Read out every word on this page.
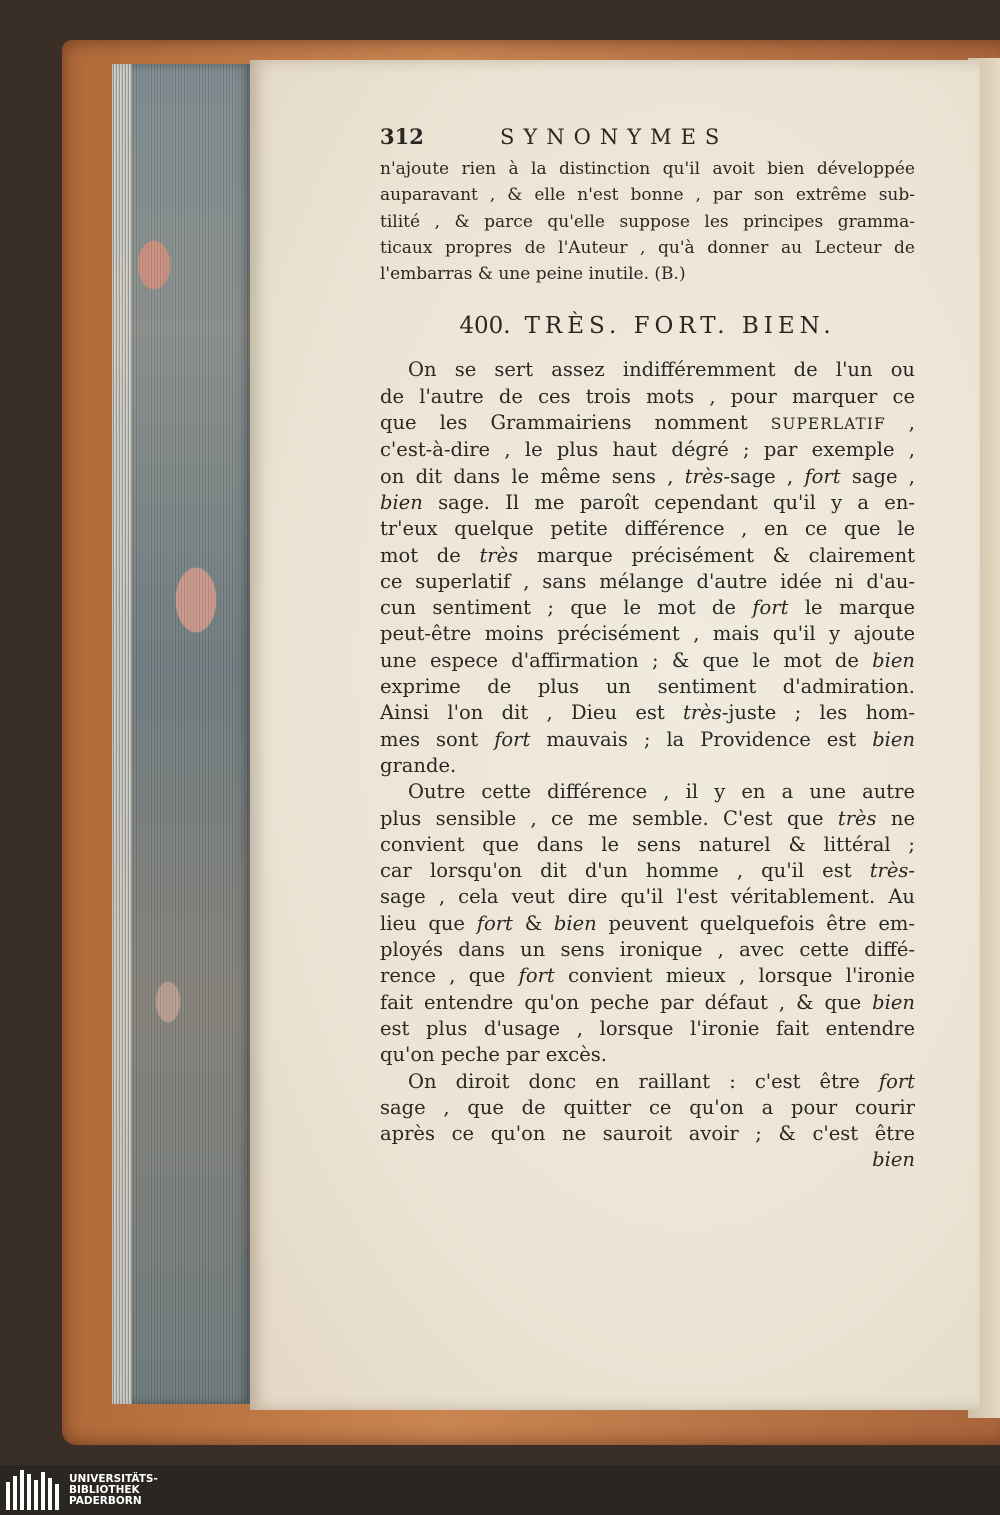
312	SYNONYMES
n'ajoute rien à la distinction qu'il avoit bien développée
auparavant , & elle n'est bonne , par son extrême sub-
tilité , & parce qu'elle suppose les principes gramma-
ticaux propres de l'Auteur , qu'à donner au Lecteur de
l'embarras & une peine inutile. (B.)
400. TRÈS. FORT. BIEN.
On se sert assez indifféremment de l'un ou
de l'autre de ces trois mots , pour marquer ce
que les Grammairiens nomment SUPERLATIF ,
c'est-à-dire , le plus haut dégré ; par exemple ,
on dit dans le même sens , très-sage , fort sage ,
bien sage. Il me paroît cependant qu'il y a en-
tr'eux quelque petite différence , en ce que le
mot de très marque précisément & clairement
ce superlatif , sans mélange d'autre idée ni d'au-
cun sentiment ; que le mot de fort le marque
peut-être moins précisément , mais qu'il y ajoute
une espece d'affirmation ; & que le mot de bien
exprime de plus un sentiment d'admiration.
Ainsi l'on dit , Dieu est très-juste ; les hom-
mes sont fort mauvais ; la Providence est bien
grande.
Outre cette différence , il y en a une autre
plus sensible , ce me semble. C'est que très ne
convient que dans le sens naturel & littéral ;
car lorsqu'on dit d'un homme , qu'il est très-
sage , cela veut dire qu'il l'est véritablement. Au
lieu que fort & bien peuvent quelquefois être em-
ployés dans un sens ironique , avec cette diffé-
rence , que fort convient mieux , lorsque l'ironie
fait entendre qu'on peche par défaut , & que bien
est plus d'usage , lorsque l'ironie fait entendre
qu'on peche par excès.
On diroit donc en raillant : c'est être fort
sage , que de quitter ce qu'on a pour courir
après ce qu'on ne sauroit avoir ; & c'est être
bien
UNIVERSITÄTS-
BIBLIOTHEK
PADERBORN
